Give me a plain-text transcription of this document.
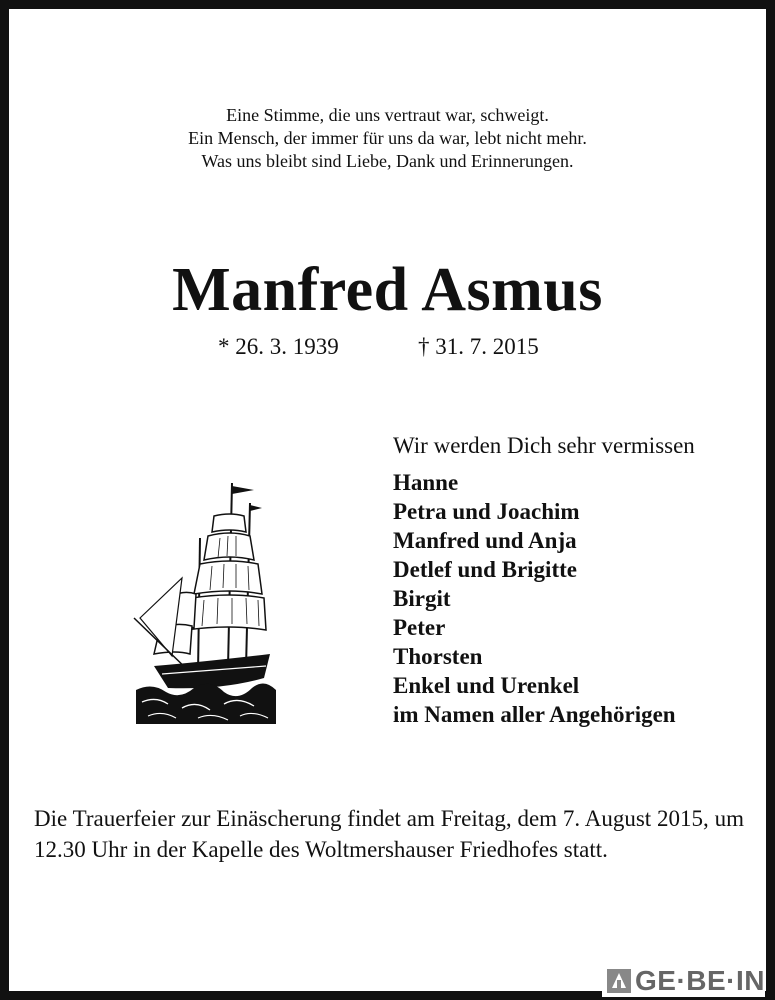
Eine Stimme, die uns vertraut war, schweigt.
Ein Mensch, der immer für uns da war, lebt nicht mehr.
Was uns bleibt sind Liebe, Dank und Erinnerungen.
Manfred Asmus
* 26. 3. 1939	† 31. 7. 2015
Wir werden Dich sehr vermissen
Hanne
Petra und Joachim
Manfred und Anja
Detlef und Brigitte
Birgit
Peter
Thorsten
Enkel und Urenkel
im Namen aller Angehörigen
Die Trauerfeier zur Einäscherung findet am Freitag, dem 7. August 2015, um 12.30 Uhr in der Kapelle des Woltmershauser Friedhofes statt.
GE·BE·IN
